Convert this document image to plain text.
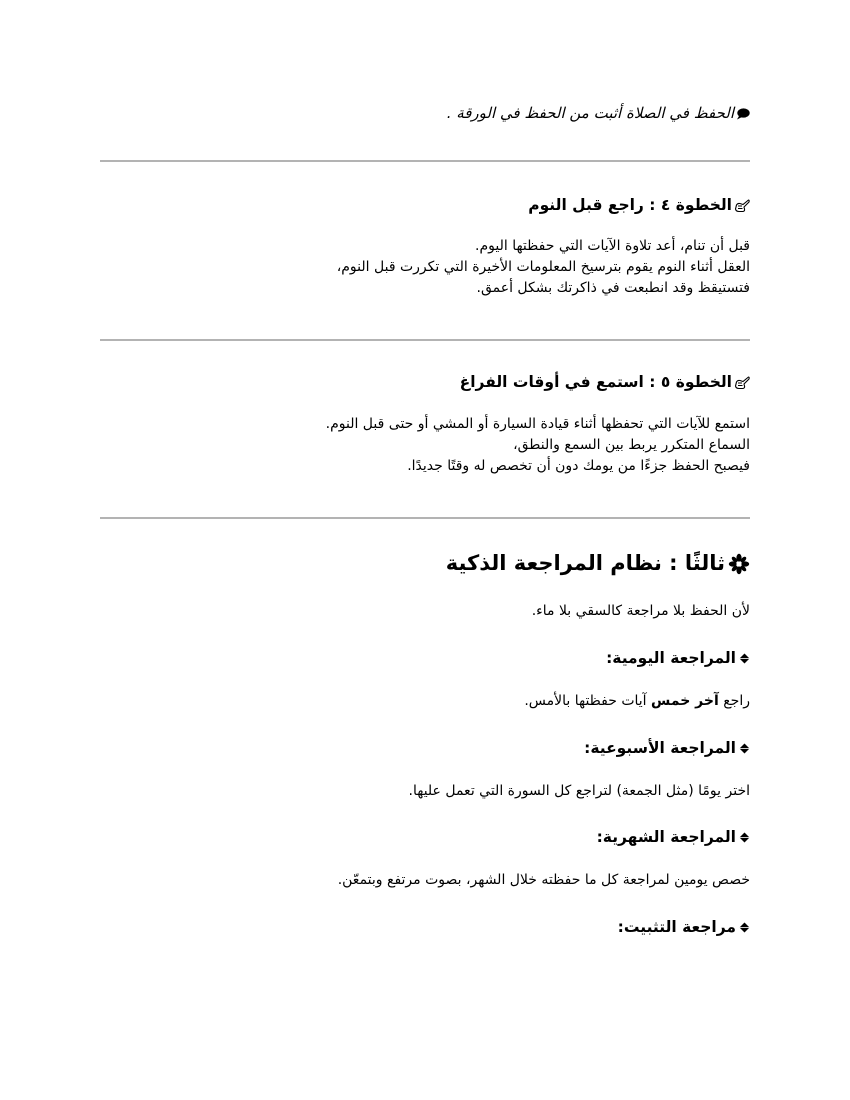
الحفظ في الصلاة أثبت من الحفظ في الورقة .
الخطوة ٤ : راجع قبل النوم
قبل أن تنام، أعد تلاوة الآيات التي حفظتها اليوم.
العقل أثناء النوم يقوم بترسيخ المعلومات الأخيرة التي تكررت قبل النوم،
فتستيقظ وقد انطبعت في ذاكرتك بشكل أعمق.
الخطوة ٥ : استمع في أوقات الفراغ
استمع للآيات التي تحفظها أثناء قيادة السيارة أو المشي أو حتى قبل النوم.
السماع المتكرر يربط بين السمع والنطق،
فيصبح الحفظ جزءًا من يومك دون أن تخصص له وقتًا جديدًا.
ثالثًا : نظام المراجعة الذكية
لأن الحفظ بلا مراجعة كالسقي بلا ماء.
المراجعة اليومية:
راجع آخر خمس آيات حفظتها بالأمس.
المراجعة الأسبوعية:
اختر يومًا (مثل الجمعة) لتراجع كل السورة التي تعمل عليها.
المراجعة الشهرية:
خصص يومين لمراجعة كل ما حفظته خلال الشهر، بصوت مرتفع وبتمعّن.
مراجعة التثبيت:
